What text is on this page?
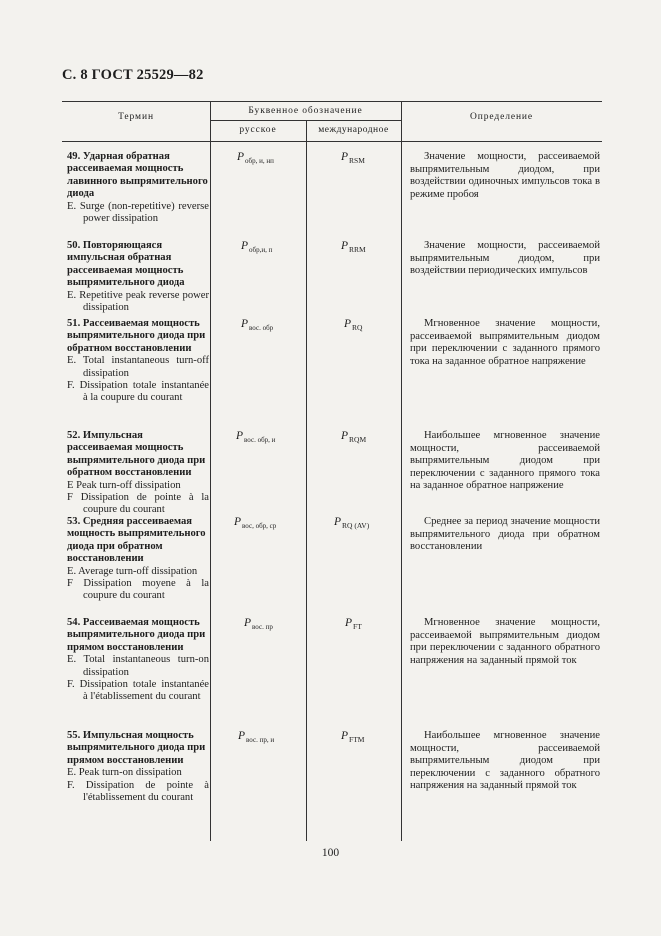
С. 8 ГОСТ 25529—82
Термин
Буквенное обозначение
русское	международное
Определение
49. Ударная обратная рассеиваемая мощность лавинного выпрямительного диода
E. Surge (non-repetitive) reverse power dissipation
$P_{обр, и, нп}$	$P_{RSM}$	Значение мощности, рассеиваемой выпрямительным диодом, при воздействии одиночных импульсов тока в режиме пробоя
50. Повторяющаяся импульсная обратная рассеиваемая мощность выпрямительного диода
E. Repetitive peak reverse power dissipation
$P_{обр,и, п}$	$P_{RRM}$	Значение мощности, рассеиваемой выпрямительным диодом, при воздействии периодических импульсов
51. Рассеиваемая мощность выпрямительного диода при обратном восстановлении
E. Total instantaneous turn-off dissipation
F. Dissipation totale instantanée à la coupure du courant
$P_{вос. обр}$	$P_{RQ}$	Мгновенное значение мощности, рассеиваемой выпрямительным диодом при переключении с заданного прямого тока на заданное обратное напряжение
52. Импульсная рассеиваемая мощность выпрямительного диода при обратном восстановлении
E Peak turn-off dissipation
F Dissipation de pointe à la coupure du courant
$P_{вос. обр, и}$	$P_{RQM}$	Наибольшее мгновенное значение мощности, рассеиваемой выпрямительным диодом при переключении с заданного прямого тока на заданное обратное напряжение
53. Средняя рассеиваемая мощность выпрямительного диода при обратном восстановлении
E. Average turn-off dissipation
F Dissipation moyene à la coupure du courant
$P_{вос, обр, ср}$	$P_{RQ (AV)}$	Среднее за период значение мощности выпрямительного диода при обратном восстановлении
54. Рассеиваемая мощность выпрямительного диода при прямом восстановлении
E. Total instantaneous turn-on dissipation
F. Dissipation totale instantanée à l'établissement du courant
$P_{вос. пр}$	$P_{FT}$	Мгновенное значение мощности, рассеиваемой выпрямительным диодом при переключении с заданного обратного напряжения на заданный прямой ток
55. Импульсная мощность выпрямительного диода при прямом восстановлении
E. Peak turn-on dissipation
F. Dissipation de pointe à l'établissement du courant
$P_{вос. пр, и}$	$P_{FTM}$	Наибольшее мгновенное значение мощности, рассеиваемой выпрямительным диодом при переключении с заданного обратного напряжения на заданный прямой ток
100
